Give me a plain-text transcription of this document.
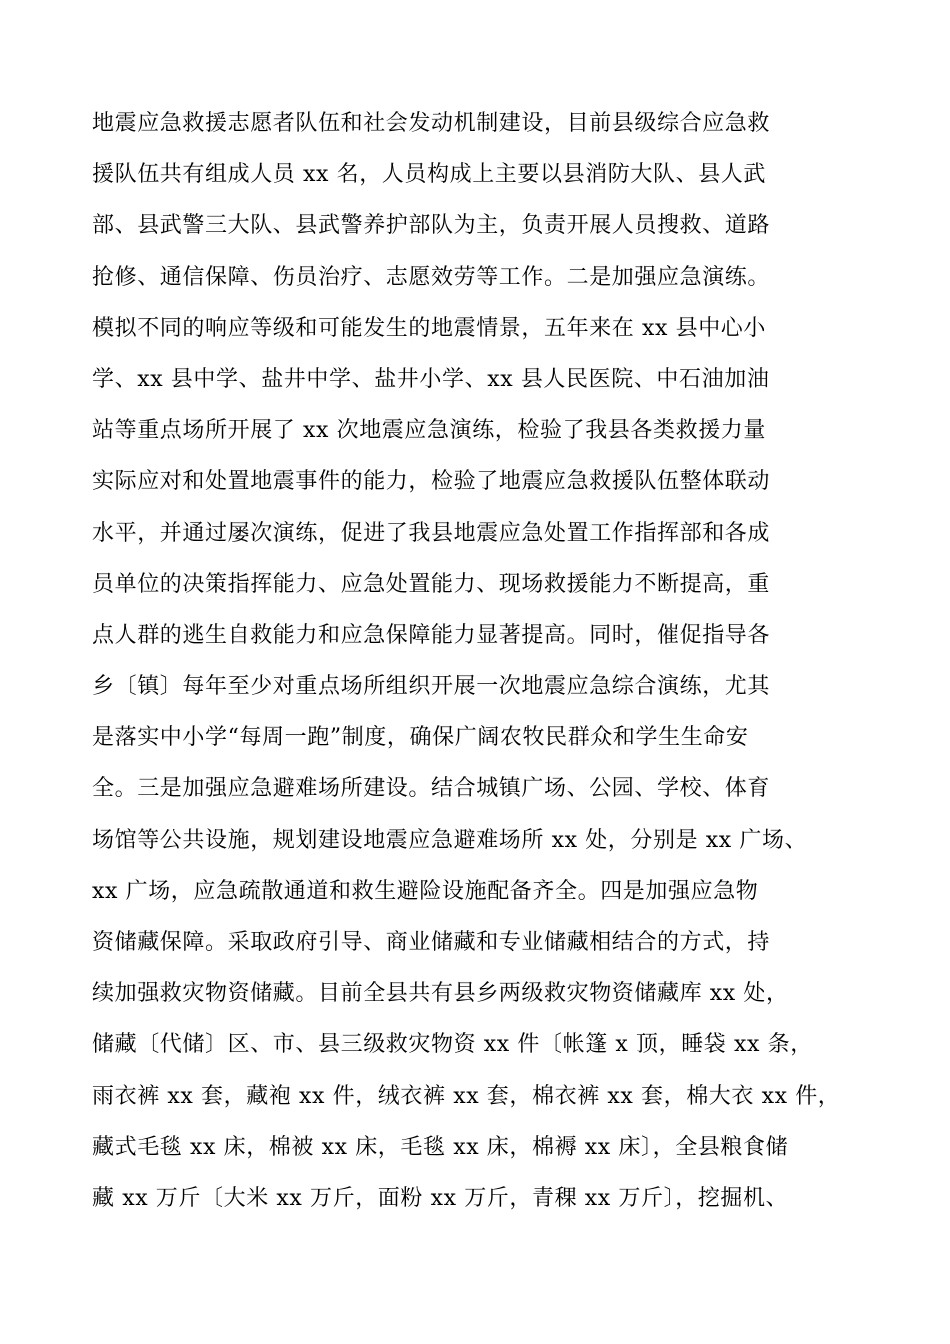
地震应急救援志愿者队伍和社会发动机制建设，目前县级综合应急救
援队伍共有组成人员 xx 名，人员构成上主要以县消防大队、县人武
部、县武警三大队、县武警养护部队为主，负责开展人员搜救、道路
抢修、通信保障、伤员治疗、志愿效劳等工作。二是加强应急演练。
模拟不同的响应等级和可能发生的地震情景，五年来在 xx 县中心小
学、xx 县中学、盐井中学、盐井小学、xx 县人民医院、中石油加油
站等重点场所开展了 xx 次地震应急演练，检验了我县各类救援力量
实际应对和处置地震事件的能力，检验了地震应急救援队伍整体联动
水平，并通过屡次演练，促进了我县地震应急处置工作指挥部和各成
员单位的决策指挥能力、应急处置能力、现场救援能力不断提高，重
点人群的逃生自救能力和应急保障能力显著提高。同时，催促指导各
乡〔镇〕每年至少对重点场所组织开展一次地震应急综合演练，尤其
是落实中小学“每周一跑”制度，确保广阔农牧民群众和学生生命安
全。三是加强应急避难场所建设。结合城镇广场、公园、学校、体育
场馆等公共设施，规划建设地震应急避难场所 xx 处，分别是 xx 广场、
xx 广场，应急疏散通道和救生避险设施配备齐全。四是加强应急物
资储藏保障。采取政府引导、商业储藏和专业储藏相结合的方式，持
续加强救灾物资储藏。目前全县共有县乡两级救灾物资储藏库 xx 处，
储藏〔代储〕区、市、县三级救灾物资 xx 件〔帐篷 x 顶，睡袋 xx 条，
雨衣裤 xx 套，藏袍 xx 件，绒衣裤 xx 套，棉衣裤 xx 套，棉大衣 xx 件，
藏式毛毯 xx 床，棉被 xx 床，毛毯 xx 床，棉褥 xx 床〕，全县粮食储
藏 xx 万斤〔大米 xx 万斤，面粉 xx 万斤，青稞 xx 万斤〕，挖掘机、
